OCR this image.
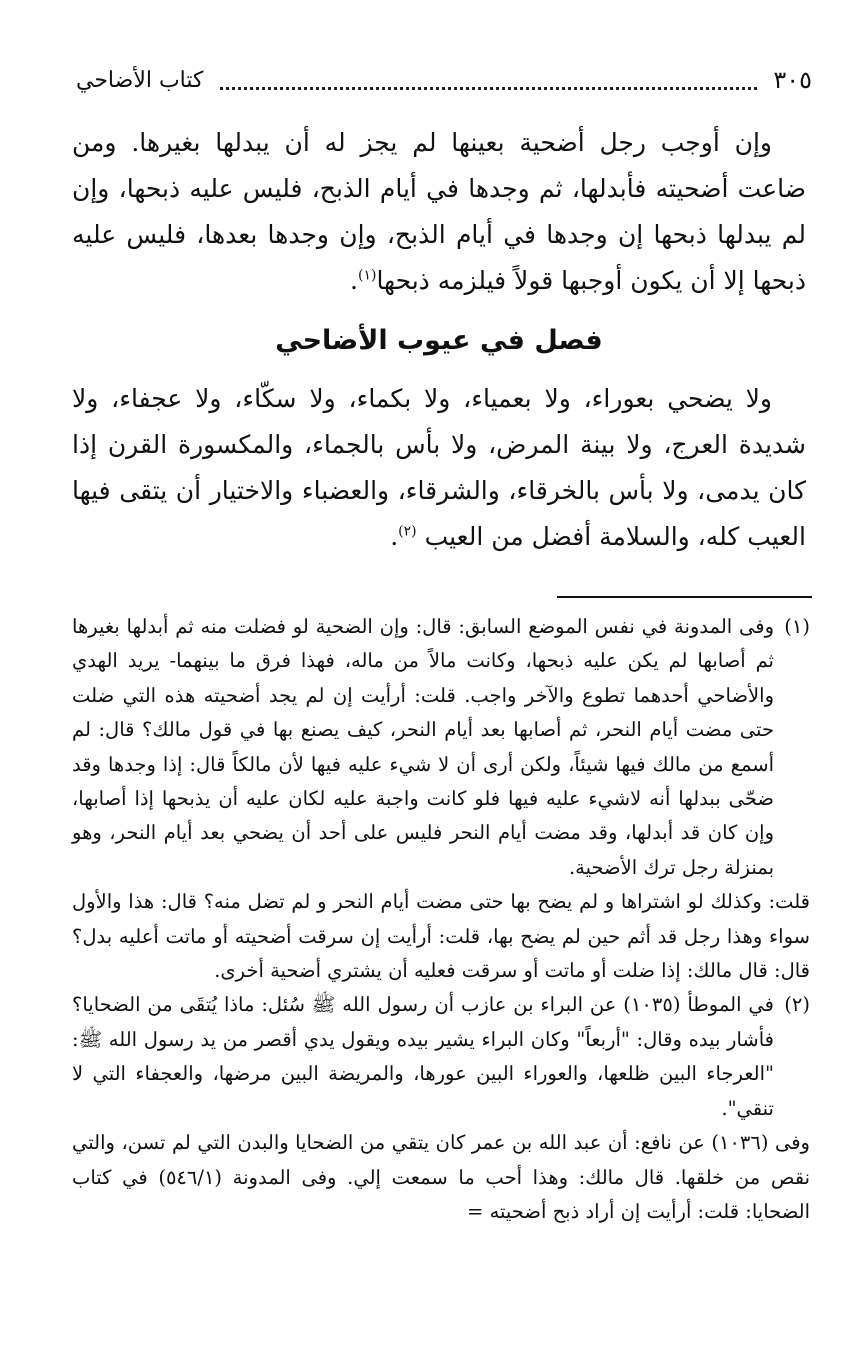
٣٠٥
كتاب الأضاحي

وإن أوجب رجل أضحية بعينها لم يجز له أن يبدلها بغيرها. ومن ضاعت أضحيته فأبدلها، ثم وجدها في أيام الذبح، فليس عليه ذبحها، وإن لم يبدلها ذبحها إن وجدها في أيام الذبح، وإن وجدها بعدها، فليس عليه ذبحها إلا أن يكون أوجبها قولاً فيلزمه ذبحها$^{(١)}$.

فصل في عيوب الأضاحي

ولا يضحي بعوراء، ولا بعمياء، ولا بكماء، ولا سكّاء، ولا عجفاء، ولا شديدة العرج، ولا بينة المرض، ولا بأس بالجماء، والمكسورة القرن إذا كان يدمى، ولا بأس بالخرقاء، والشرقاء، والعضباء والاختيار أن يتقى فيها العيب كله، والسلامة أفضل من العيب $^{(٢)}$.

(١)وفى المدونة في نفس الموضع السابق: قال: وإن الضحية لو فضلت منه ثم أبدلها بغيرها ثم أصابها لم يكن عليه ذبحها، وكانت مالاً من ماله، فهذا فرق ما بينهما- يريد الهدي والأضاحي أحدهما تطوع والآخر واجب. قلت: أرأيت إن لم يجد أضحيته هذه التي ضلت حتى مضت أيام النحر، ثم أصابها بعد أيام النحر، كيف يصنع بها في قول مالك؟ قال: لم أسمع من مالك فيها شيئاً، ولكن أرى أن لا شيء عليه فيها لأن مالكاً قال: إذا وجدها وقد ضحّى ببدلها أنه لاشيء عليه فيها فلو كانت واجبة عليه لكان عليه أن يذبحها إذا أصابها، وإن كان قد أبدلها، وقد مضت أيام النحر فليس على أحد أن يضحي بعد أيام النحر، وهو بمنزلة رجل ترك الأضحية.

قلت: وكذلك لو اشتراها و لم يضح بها حتى مضت أيام النحر و لم تضل منه؟ قال: هذا والأول سواء وهذا رجل قد أثم حين لم يضح بها، قلت: أرأيت إن سرقت أضحيته أو ماتت أعليه بدل؟ قال: قال مالك: إذا ضلت أو ماتت أو سرقت فعليه أن يشتري أضحية أخرى.

(٢)في الموطأ (١٠٣٥) عن البراء بن عازب أن رسول الله ﷺ سُئل: ماذا يُتقَى من الضحايا؟ فأشار بيده وقال: "أربعاً" وكان البراء يشير بيده ويقول يدي أقصر من يد رسول الله ﷺ: "العرجاء البين ظلعها، والعوراء البين عورها، والمريضة البين مرضها، والعجفاء التي لا تنقي".

وفى (١٠٣٦) عن نافع: أن عبد الله بن عمر كان يتقي من الضحايا والبدن التي لم تسن، والتي نقص من خلقها. قال مالك: وهذا أحب ما سمعت إلي. وفى المدونة (٥٤٦/١) في كتاب الضحايا: قلت: أرأيت إن أراد ذبح أضحيته =
